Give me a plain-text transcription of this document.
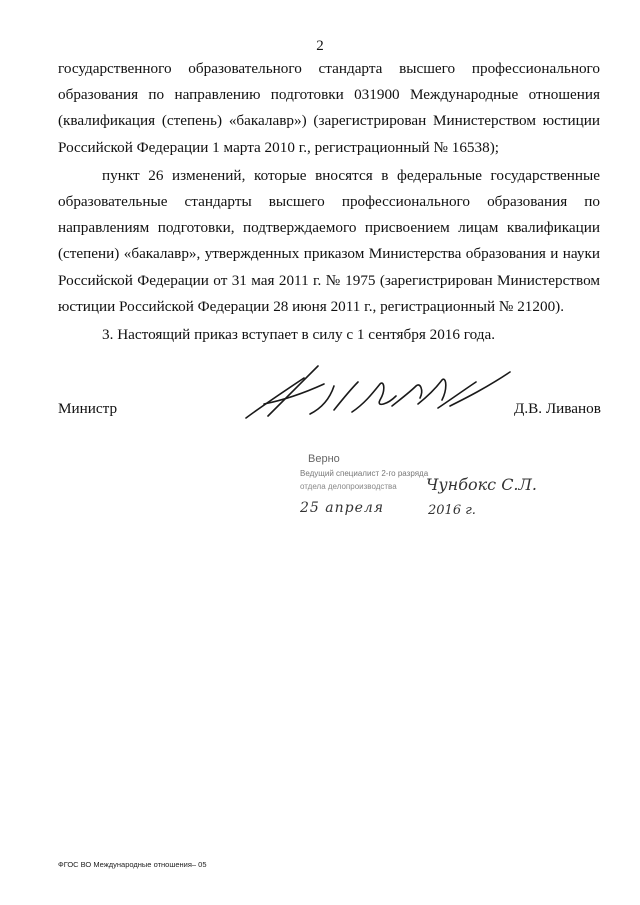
2

государственного образовательного стандарта высшего профессионального образования по направлению подготовки 031900 Международные отношения (квалификация (степень) «бакалавр») (зарегистрирован Министерством юстиции Российской Федерации 1 марта 2010 г., регистрационный № 16538);

пункт 26 изменений, которые вносятся в федеральные государственные образовательные стандарты высшего профессионального образования по направлениям подготовки, подтверждаемого присвоением лицам квалификации (степени) «бакалавр», утвержденных приказом Министерства образования и науки Российской Федерации от 31 мая 2011 г. № 1975 (зарегистрирован Министерством юстиции Российской Федерации 28 июня 2011 г., регистрационный № 21200).

3. Настоящий приказ вступает в силу с 1 сентября 2016 года.

Министр	Д.В. Ливанов
Верно
Ведущий специалист 2-го разряда
отдела делопроизводства Чунбокс С.Л.
25 апреля	2016 г.
ФГОС ВО Международные отношения– 05
